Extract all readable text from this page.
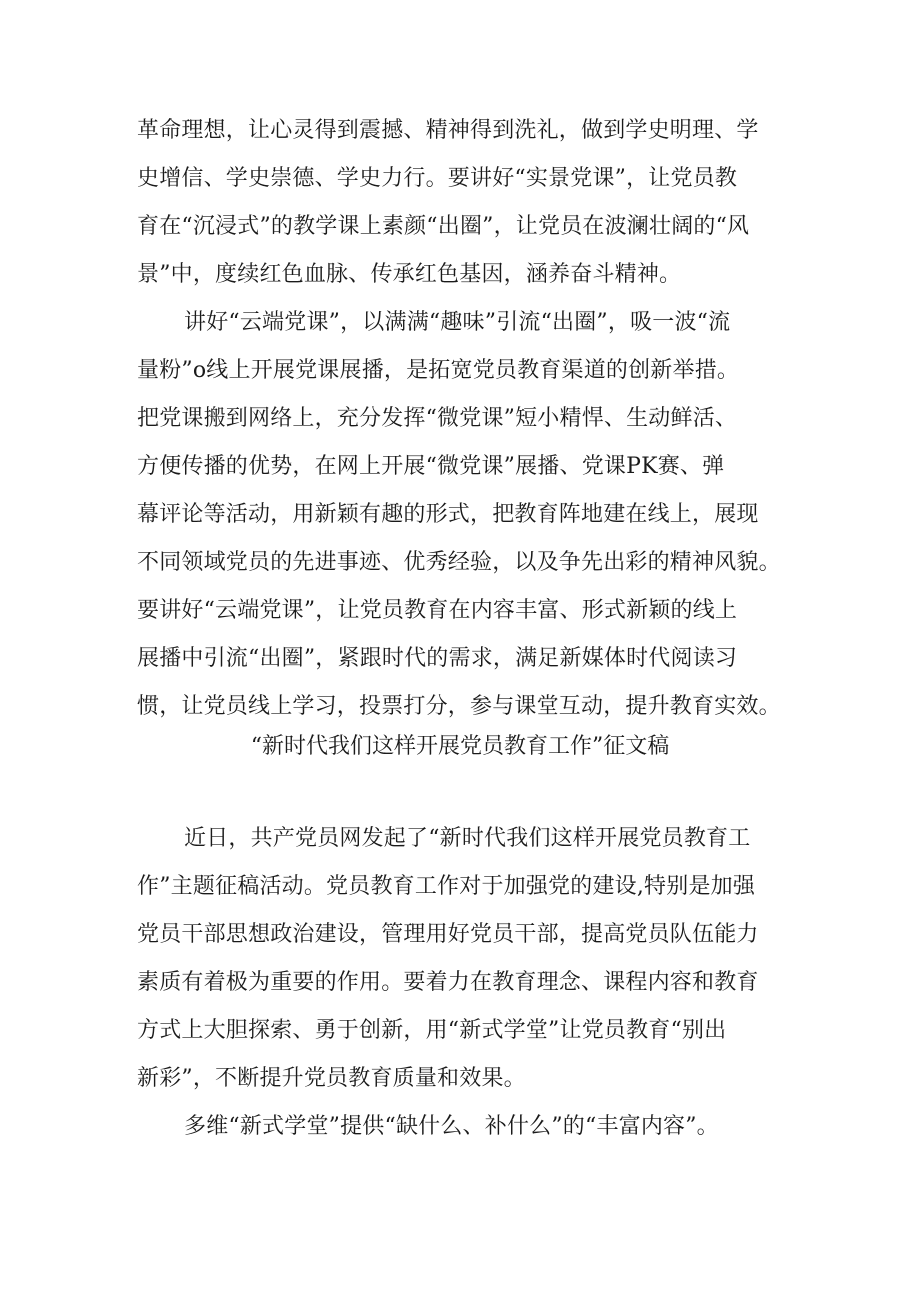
革命理想，让心灵得到震撼、精神得到洗礼，做到学史明理、学
史增信、学史崇德、学史力行。要讲好“实景党课”，让党员教
育在“沉浸式”的教学课上素颜“出圈”，让党员在波澜壮阔的“风
景”中，度续红色血脉、传承红色基因，涵养奋斗精神。
讲好“云端党课”，以满满“趣味”引流“出圈”，吸一波“流
量粉”o线上开展党课展播，是拓宽党员教育渠道的创新举措。
把党课搬到网络上，充分发挥“微党课”短小精悍、生动鲜活、
方便传播的优势，在网上开展“微党课”展播、党课PK赛、弹
幕评论等活动，用新颖有趣的形式，把教育阵地建在线上，展现
不同领域党员的先进事迹、优秀经验，以及争先出彩的精神风貌。
要讲好“云端党课”，让党员教育在内容丰富、形式新颖的线上
展播中引流“出圈”，紧跟时代的需求，满足新媒体时代阅读习
惯，让党员线上学习，投票打分，参与课堂互动，提升教育实效。
“新时代我们这样开展党员教育工作”征文稿
近日，共产党员网发起了“新时代我们这样开展党员教育工
作”主题征稿活动。党员教育工作对于加强党的建设,特别是加强
党员干部思想政治建设，管理用好党员干部，提高党员队伍能力
素质有着极为重要的作用。要着力在教育理念、课程内容和教育
方式上大胆探索、勇于创新，用“新式学堂”让党员教育“别出
新彩”，不断提升党员教育质量和效果。
多维“新式学堂”提供“缺什么、补什么”的“丰富内容”。
